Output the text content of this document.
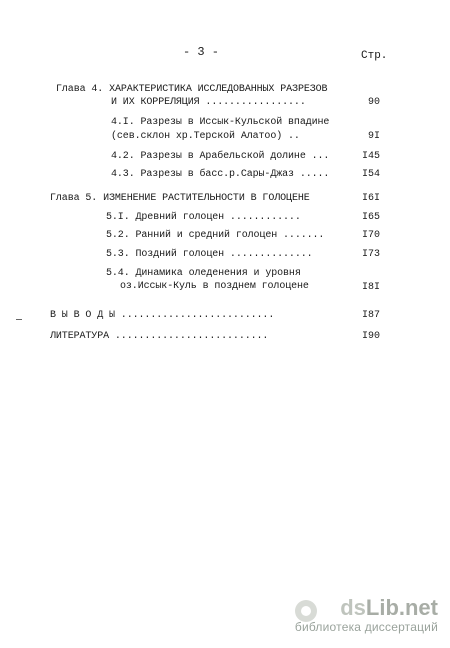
- 3 -	Стр.
Глава 4. ХАРАКТЕРИСТИКА ИССЛЕДОВАННЫХ РАЗРЕЗОВ
И ИХ КОРРЕЛЯЦИЯ .................	90
4.I. Разрезы в Иссык-Кульской впадине
(сев.склон хр.Терской Алатоо) ..	9I
4.2. Разрезы в Арабельской долине ...	I45
4.3. Разрезы в басс.р.Сары-Джаз .....	I54
Глава 5. ИЗМЕНЕНИЕ РАСТИТЕЛЬНОСТИ В ГОЛОЦЕНЕ	I6I
5.I. Древний голоцен ............	I65
5.2. Ранний и средний голоцен .......	I70
5.3. Поздний голоцен ..............	I73
5.4. Динамика оледенения и уровня
оз.Иссык-Куль в позднем голоцене	I8I
В Ы В О Д Ы ..........................	I87
ЛИТЕРАТУРА ..........................	I90
dsLib.net
библиотека диссертаций
